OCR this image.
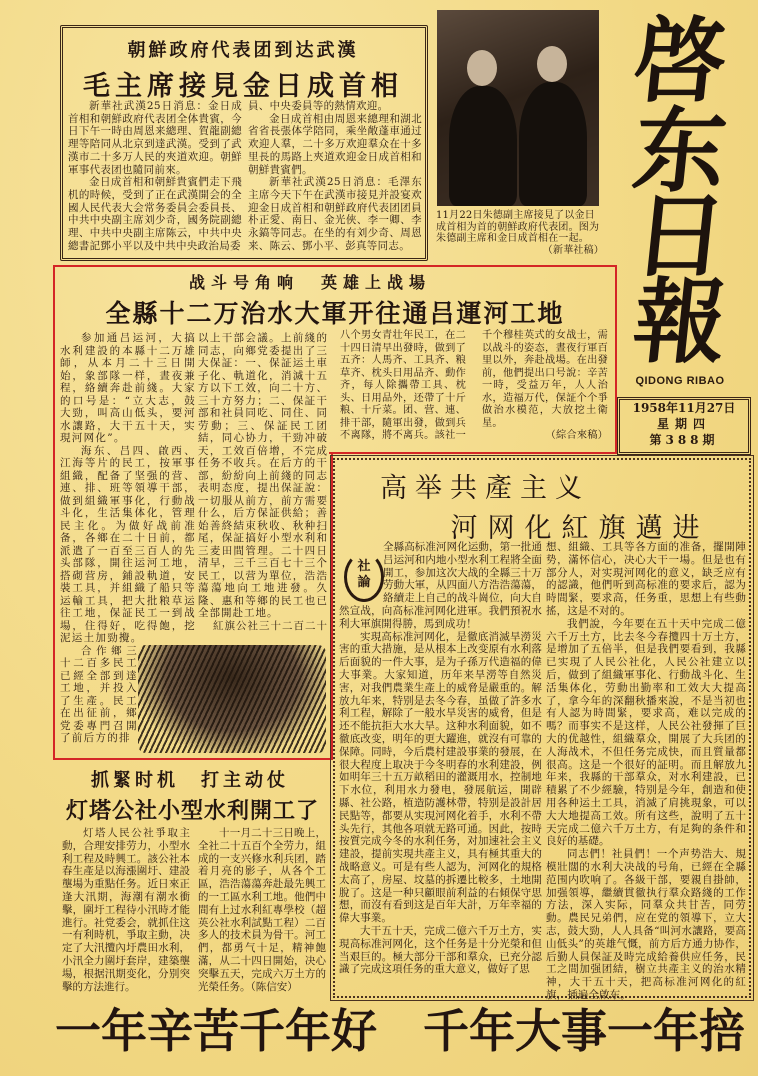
朝鮮政府代表团到达武漢
毛主席接見金日成首相

新華社武漢25日消息：金日成首相和朝鮮政府代表团全体貴賓，今日下午一時由周恩来總理、賀龍副總理等陪同从北京到達武漢。受到了武漢市二十多万人民的夾道欢迎。朝鮮軍事代表团也隨同前來。

金日成首相和朝鮮貴賓們走下飛机的時候，受到了正在武漢開会的全國人民代表大会常务委員会委員長、中共中央副主席刘少奇，國务院副總理、中共中央副主席陈云，中共中央總書記鄧小平以及中共中央政治局委

員、中央委員等的熱情欢迎。

金日成首相由周恩来總理和湖北省省長張体学陪同，乘坐敞蓬車通过欢迎人羣，二十多万欢迎羣众在十多里長的馬路上夾道欢迎金日成首相和朝鮮貴賓們。

新華社武漢25日消息：毛澤东主席今天下午在武漢市接見并設宴欢迎金日成首相和朝鮮政府代表团团員朴正愛、南日、金光俠、李一卿、李永鎬等同志。在坐的有刘少奇、周恩来、陈云、鄧小平、彭真等同志。

11月22日朱德副主席接見了以金日成首相为首的朝鮮政府代表团。图为朱德副主席和金日成首相在一起。
（新華社稿）
啓
东
日
報
QIDONG RIBAO
1958年11月27日
星期四
第388期
战斗号角响　英雄上战場
全縣十二万治水大軍开往通吕運河工地

参加通吕运河，大搞水利建設的本縣十二万雄師，从本月二十三日開始，象部隊一样，晝夜兼程，絡續奔赴前綫。大家的口号是：“立大志，鼓大勁，叫高山低头，要河水讓路，大干五十天，实現河网化”。

海东、吕四、啟西、江海等片的民工，按軍事組織，配备了坚强的营、連、排、班等領導干部，做到組織軍事化，行動战斗化，生活集体化，管理民主化。为做好战前准备，各鄉在二十日前，都派遣了一百至三百人的先头部隊，開往运河工地，搭砌营房，鋪設軌道，安裝工具，并組織了船只等运輸工具，把大批粮草运往工地，保証民工一到战場，住得好，吃得飽，挖泥运土加勁攪。

合作鄉三十二百多民工已經全部到達工地，并投入了生產。民工在出征前，鄉党委專門召開了前后方的排

以上干部会議。上前綫的同志，向鄉党委提出了三大保証：一、保証运土車子化、軌道化，消滅十五方以下工效，向二十方、三十方努力；二、保証干部和社員同吃、同住、同劳動；三、保証民工团結，同心协力，干勁冲破天，工效百倍增，不完成任务不收兵。在后方的干部，紛紛向上前綫的同志表明态度，提出保証說：一切服从前方，前方需要什么，后方保証供給；善始善終結束秋收、秋种扫尾，保証搞好小型水利和三麦田間管理。二十四日清早，三千三百七十三个民工，以营为單位，浩浩蕩蕩地向工地进發。久隆、惠和等鄉的民工也已全部開赴工地。

紅旗公社三十二百二十

八个男女青壮年民工，在二十四日清早出發時，做到了五齐：人馬齐、工具齐、粮草齐、枕头日用品齐、動作齐，每人除攜帶工具、枕头、日用品外，还帶了十斤粮、十斤菜。团、营、連、排干部，隨軍出發，做到兵不离隊，將不离兵。該社一千个穆桂英式的女战士，需以战斗的姿态，晝夜行軍百里以外，奔赴战場。在出發前，他們提出口号說：辛苦一時，受益万年，人人治水，造福万代，保証个个爭做治水模范，大放挖土衛星。

（綜合來稿）
高举共產主义
河网化紅旗邁进
社
論

全縣高标准河网化运動，第一批通吕运河和内地小型水利工程將全面開工，参加这次大战的全縣三十万劳動大軍，从四面八方浩浩蕩蕩，絡續走上自己的战斗崗位，向大自然宣战，向高标准河网化进軍。我們預祝水利大軍旗開得勝，馬到成功！

实現高标准河网化，是徹底消滅旱澇災害的重大措施，是从根本上改变原有水利落后面貌的一件大事，是为子孫万代造福的偉大事業。大家知道，历年来旱澇等自然災害，对我們農業生產上的威脅是嚴重的。解放九年来，特别是去冬今春，虽做了許多水利工程，解除了一般水旱災害的威脅，但是还不能抗拒大水大旱。这种水利面貌，如不徹底改变，明年的更大躍進，就沒有可靠的保障。同時，今后農村建設事業的發展，在很大程度上取决于今冬明春的水利建設，例如明年三十五万畝稻田的灌溉用水，控制地下水位，利用水力發电，發展航运，開辟縣、社公路，植造防護林帶，特别是設計居民點等，都要从实現河网化着手，水利不帶头先行，其他各項就无路可通。因此，按時按質完成今冬的水利任务，对加速社会主义建設，提前实現共產主义，具有極其重大的战略意义。可是有些人認为，河网化的規格太高了，房屋、坟墓的拆遷比較多，土地開脫了。这是一种只顧眼前利益的右傾保守思想，而沒有看到这是百年大計，万年幸福的偉大事業。

大干五十天，完成二億六千万土方，实現高标准河网化，这个任务是十分光榮和但当艰巨的。極大部分干部和羣众，已充分認識了完成这項任务的重大意义，做好了思

想、組織、工具等各方面的准备，擺開陣势，滿怀信心，决心大干一場。但是也有部分人，对实現河网化的意义，缺乏应有的認識，他們听到高标准的要求后，認为時間緊，要求高，任务重，思想上有些動搖，这是不对的。

我們說，今年要在五十天中完成二億六千万土方，比去冬今春攬四十万土方，是增加了五倍半，但是我們要看到，我縣已实現了人民公社化，人民公社建立以后，做到了組織軍事化、行動战斗化、生活集体化，劳動出勤率和工效大大提高了，拿今年的深翻秋播來說，不是当初也有人認为時間緊，要求高，难以完成的嗎？而事实不是这样，人民公社發揮了巨大的优越性，組織羣众，開展了大兵团的人海战术，不但任务完成快，而且質量都很高。这是一个很好的証明。而且解放九年来，我縣的干部羣众，对水利建設，已積累了不少經驗，特别是今年，創造和使用各种运土工具，消滅了肩挑現象，可以大大地提高工效。所有这些，說明了五十天完成二億六千万土方，有足夠的条件和良好的基礎。

同志們！社員們！一个声势浩大、規模壯闊的水利大决战的号角，已經在全縣范围内吹响了。各級干部，要親自掛帥，加强領導，繼續貫徹执行羣众路綫的工作方法，深入实际，同羣众共甘苦，同劳動。農民兄弟們，应在党的領導下，立大志，鼓大勁，人人具备“叫河水讓路，要高山低头”的英雄气慨，前方后方通力协作，后勤人員保証及時完成給養供应任务，民工之間加强团結，樹立共產主义的治水精神，大干五十天，把高标准河网化的紅旗，插遍全啟东。

抓緊时机　打主动仗
灯塔公社小型水利開工了

灯塔人民公社爭取主動，合理安排劳力，小型水利工程及時興工。該公社本春生產是以海漲圍圩、建設壟場为重點任务。近日來正逢大汛期，海潮有潮水衝擊，圍圩工程待小汛時才能進行。社党委会，就抓住这一有利時机，爭取主動，决定了大汛攬內圩農田水利，小汛全力圍圩套岸，建築壟場，根据汛期变化，分别突擊的方法進行。

十一月二十三日晚上，全社二十五百个全劳力，組成的一支兴修水利兵团，踏着月亮的影子，从各个工區，浩浩蕩蕩奔赴最先興工的一工區水利工地。他們中間有上过水利紅專學校（超英公社水利試點工程）二百多人的技术員为骨干。河工們，都勇气十足，精神飽滿，从二十四日開始，决心突擊五天，完成六万土方的光榮任务。（陈信安）

一年辛苦千年好　千年大事一年掊
